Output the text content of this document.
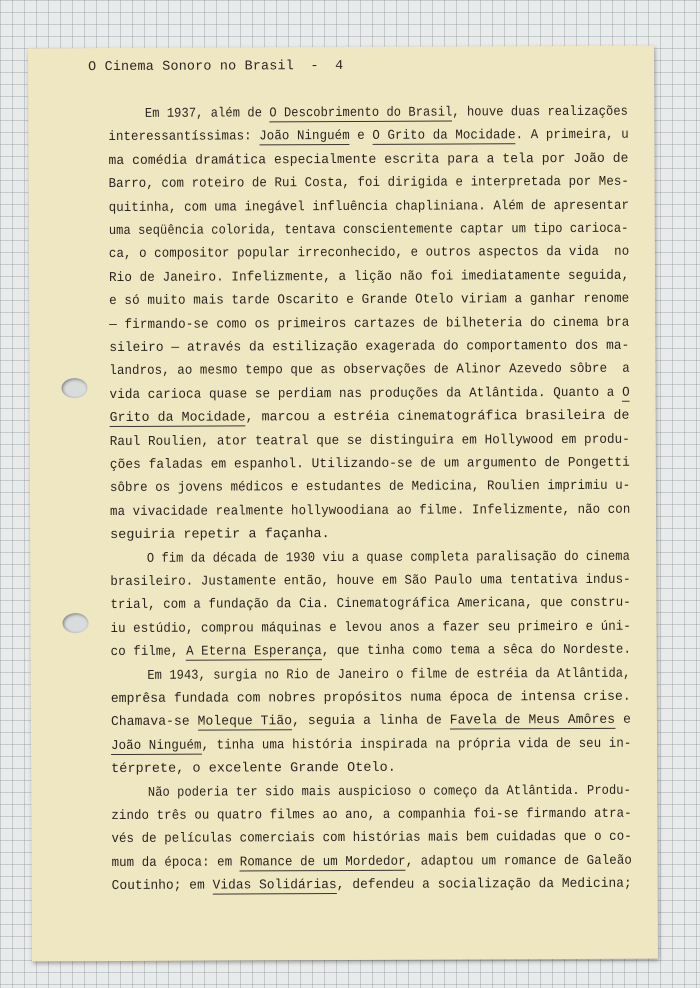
O Cinema Sonoro no Brasil  -  4

Em 1937, além de O Descobrimento do Brasil, houve duas realizações

interessantíssimas: João Ninguém e O Grito da Mocidade. A primeira, u

ma comédia dramática especialmente escrita para a tela por João de

Barro, com roteiro de Rui Costa, foi dirigida e interpretada por Mes-

quitinha, com uma inegável influência chapliniana. Além de apresentar

uma seqüência colorida, tentava conscientemente captar um tipo carioca-

ca, o compositor popular irreconhecido, e outros aspectos da vida  no

Rio de Janeiro. Infelizmente, a lição não foi imediatamente seguida,

e só muito mais tarde Oscarito e Grande Otelo viriam a ganhar renome

— firmando-se como os primeiros cartazes de bilheteria do cinema bra

sileiro — através da estilização exagerada do comportamento dos ma-

landros, ao mesmo tempo que as observações de Alinor Azevedo sôbre  a

vida carioca quase se perdiam nas produções da Atlântida. Quanto a O

Grito da Mocidade, marcou a estréia cinematográfica brasileira de

Raul Roulien, ator teatral que se distinguira em Hollywood em produ-

ções faladas em espanhol. Utilizando-se de um argumento de Pongetti

sôbre os jovens médicos e estudantes de Medicina, Roulien imprimiu u-

ma vivacidade realmente hollywoodiana ao filme. Infelizmente, não con

seguiria repetir a façanha.

O fim da década de 1930 viu a quase completa paralisação do cinema

brasileiro. Justamente então, houve em São Paulo uma tentativa indus-

trial, com a fundação da Cia. Cinematográfica Americana, que constru-

iu estúdio, comprou máquinas e levou anos a fazer seu primeiro e úni-

co filme, A Eterna Esperança, que tinha como tema a sêca do Nordeste.

Em 1943, surgia no Rio de Janeiro o filme de estréia da Atlântida,

emprêsa fundada com nobres propósitos numa época de intensa crise.

Chamava-se Moleque Tião, seguia a linha de Favela de Meus Amôres e

João Ninguém, tinha uma história inspirada na própria vida de seu in-

térprete, o excelente Grande Otelo.

Não poderia ter sido mais auspicioso o começo da Atlântida. Produ-

zindo três ou quatro filmes ao ano, a companhia foi-se firmando atra-

vés de películas comerciais com histórias mais bem cuidadas que o co-

mum da época: em Romance de um Mordedor, adaptou um romance de Galeão

Coutinho; em Vidas Solidárias, defendeu a socialização da Medicina;
